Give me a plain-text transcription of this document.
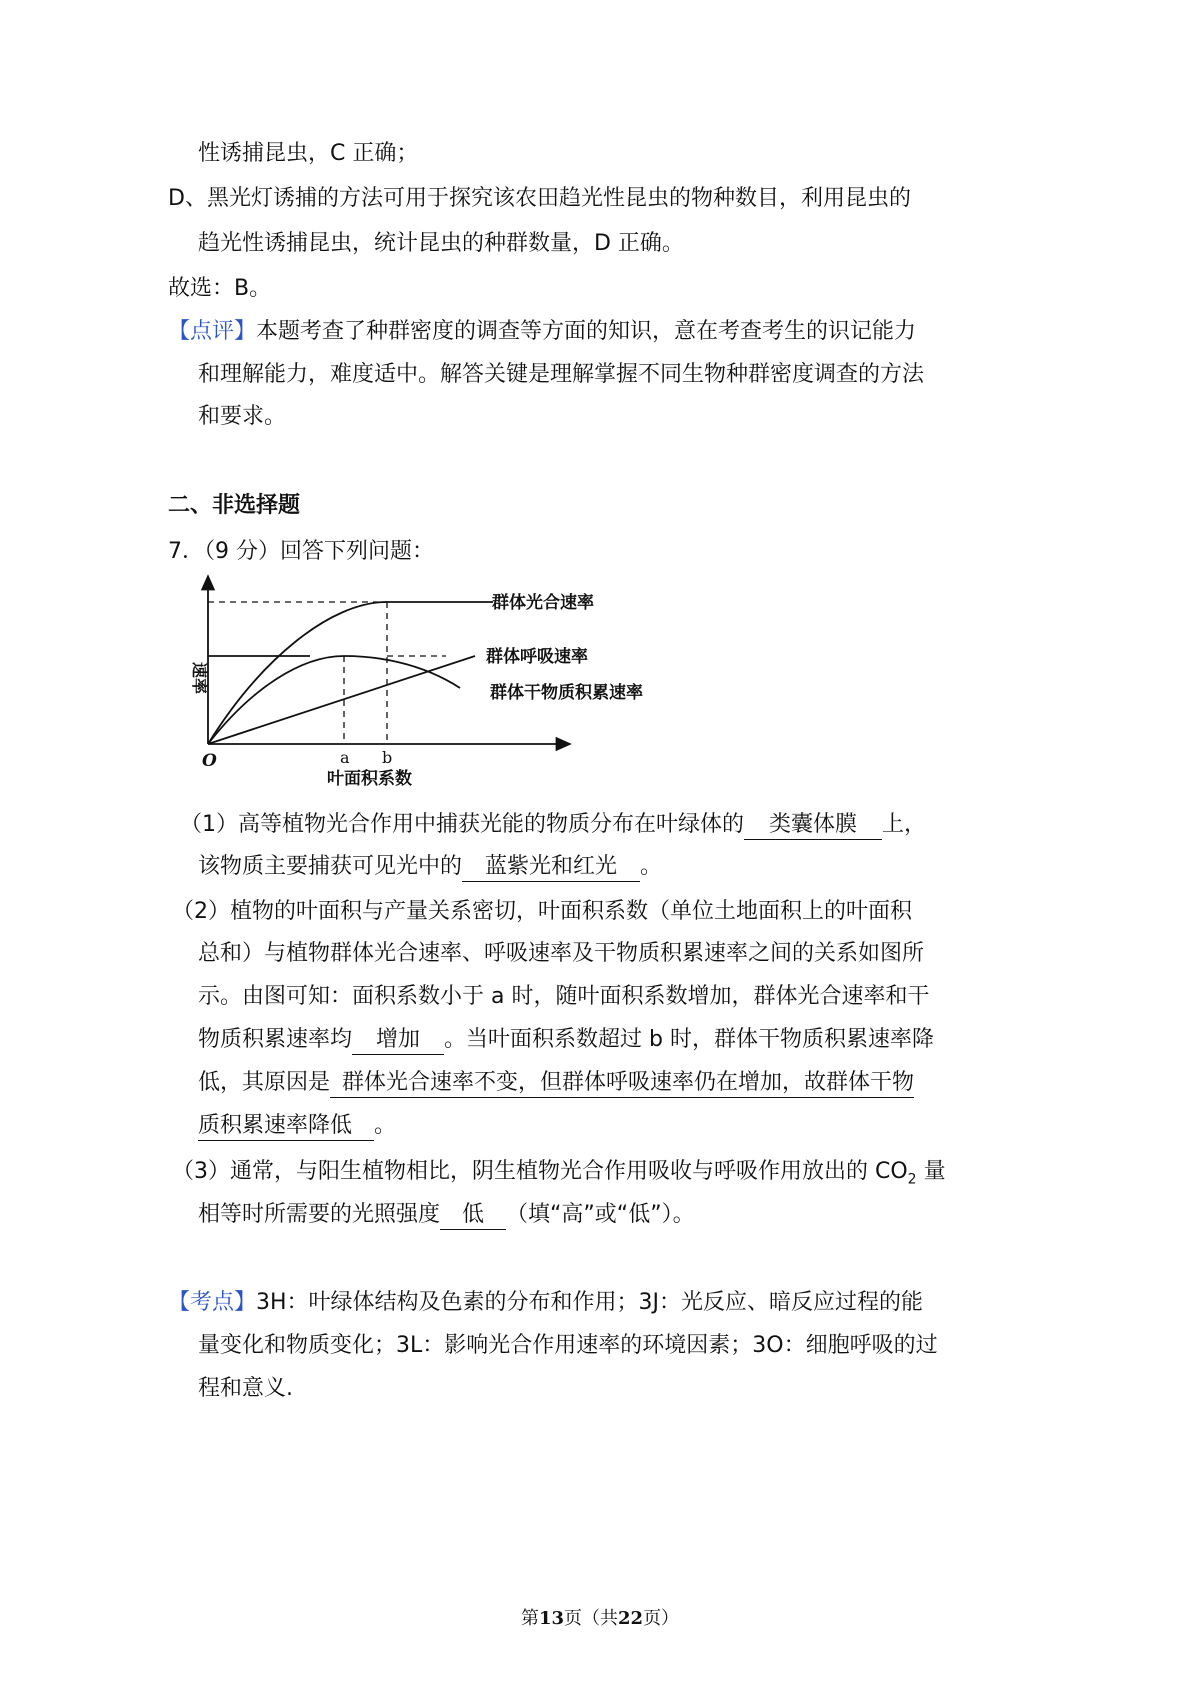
性诱捕昆虫，C 正确；
D、黑光灯诱捕的方法可用于探究该农田趋光性昆虫的物种数目，利用昆虫的
趋光性诱捕昆虫，统计昆虫的种群数量，D 正确。
故选：B。
【点评】本题考查了种群密度的调查等方面的知识，意在考查考生的识记能力
和理解能力，难度适中。解答关键是理解掌握不同生物种群密度调查的方法
和要求。
二、非选择题
7．（9 分）回答下列问题：
群体光合速率
群体呼吸速率
群体干物质积累速率
速率
O	a b
叶面积系数
（1）高等植物光合作用中捕获光能的物质分布在叶绿体的 类囊体膜 上，
该物质主要捕获可见光中的 蓝紫光和红光 。
（2）植物的叶面积与产量关系密切，叶面积系数（单位土地面积上的叶面积
总和）与植物群体光合速率、呼吸速率及干物质积累速率之间的关系如图所
示。由图可知：面积系数小于 a 时，随叶面积系数增加，群体光合速率和干
物质积累速率均 增加 。当叶面积系数超过 b 时，群体干物质积累速率降
低，其原因是 群体光合速率不变，但群体呼吸速率仍在增加，故群体干物
质积累速率降低 。
（3）通常，与阳生植物相比，阴生植物光合作用吸收与呼吸作用放出的 $CO_2$ 量
相等时所需要的光照强度 低 （填“高”或“低”）。
【考点】3H：叶绿体结构及色素的分布和作用；3J：光反应、暗反应过程的能
量变化和物质变化；3L：影响光合作用速率的环境因素；3O：细胞呼吸的过
程和意义.
第13页（共22页）
